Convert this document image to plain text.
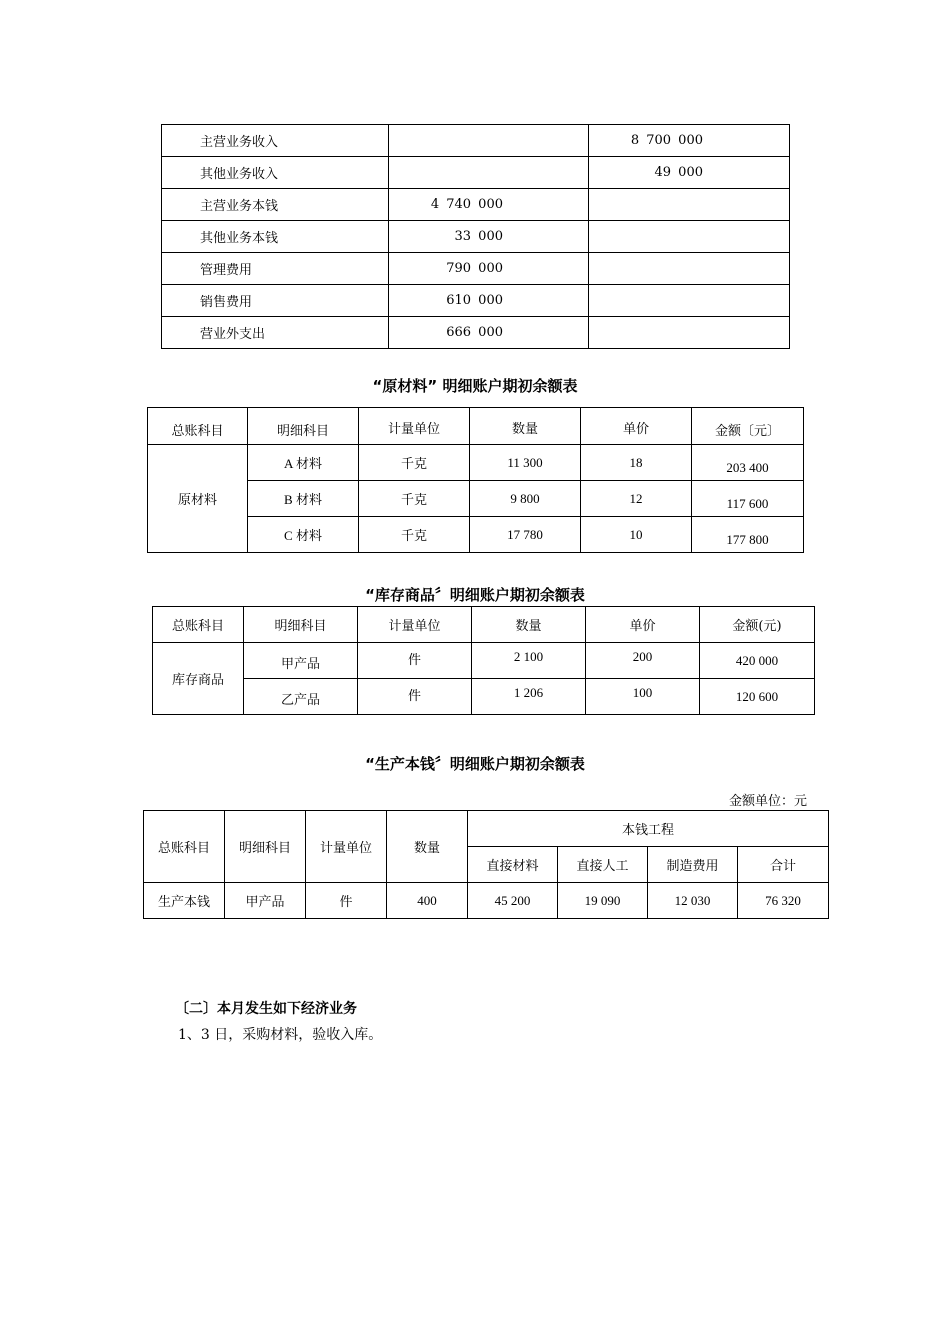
主营业务收入		8 700 000
其他业务收入		49 000
主营业务本钱	4 740 000	
其他业务本钱	33 000	
管理费用	790 000	
销售费用	610 000	
营业外支出	666 000	
“原材料” 明细账户期初余额表
总账科目	明细科目	计量单位	数量	单价	金额〔元〕
原材料	A 材料	千克	11 300	18	203 400
	B 材料	千克	9 800	12	117 600
	C 材料	千克	17 780	10	177 800
“库存商品〞明细账户期初余额表
总账科目	明细科目	计量单位	数量	单价	金额(元)
库存商品	甲产品	件	2 100	200	420 000
	乙产品	件	1 206	100	120 600
“生产本钱〞明细账户期初余额表
金额单位：元
总账科目	明细科目	计量单位	数量	本钱工程			
				直接材料	直接人工	制造费用	合计
生产本钱	甲产品	件	400	45 200	19 090	12 030	76 320
〔二〕本月发生如下经济业务
1、3 日，采购材料，验收入库。
